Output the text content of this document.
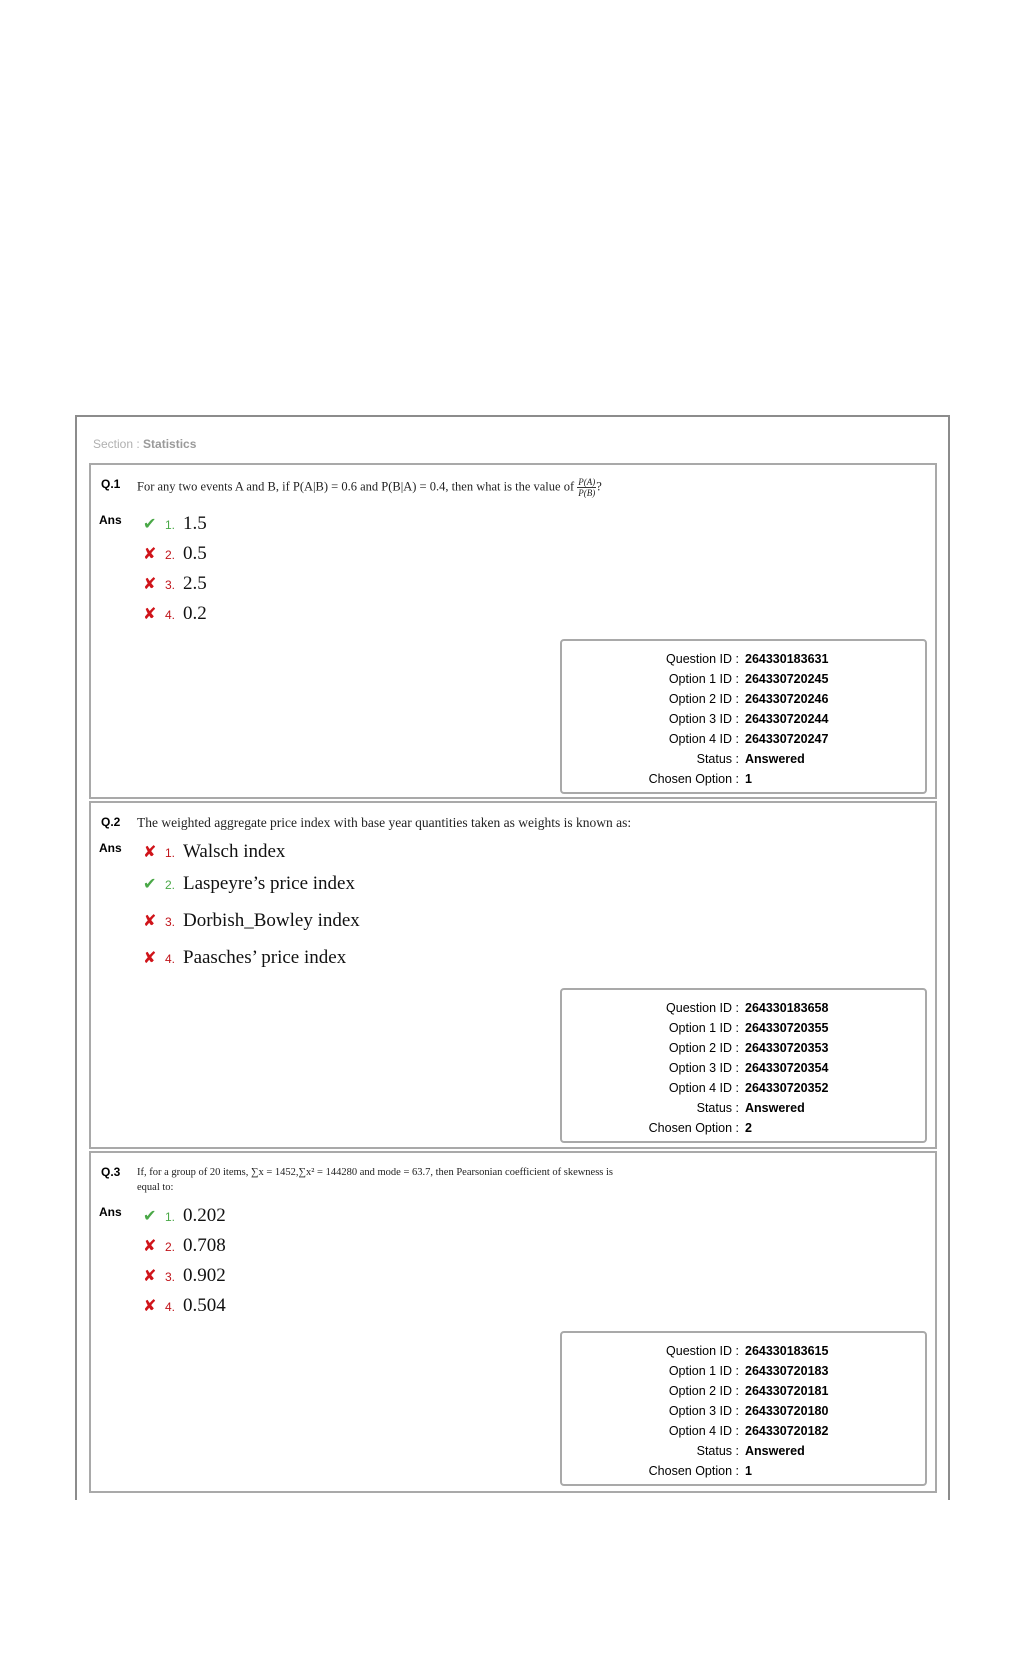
Section : Statistics
Q.1 For any two events A and B, if P(A|B) = 0.6 and P(B|A) = 0.4, then what is the value of $\frac{P(A)}{P(B)}$ ?
Ans ✔ 1. 1.5
✘ 2. 0.5
✘ 3. 2.5
✘ 4. 0.2
Question ID : 264330183631
Option 1 ID : 264330720245
Option 2 ID : 264330720246
Option 3 ID : 264330720244
Option 4 ID : 264330720247
Status : Answered
Chosen Option : 1
Q.2 The weighted aggregate price index with base year quantities taken as weights is known as:
Ans ✘ 1. Walsch index
✔ 2. Laspeyre’s price index
✘ 3. Dorbish_Bowley index
✘ 4. Paasches’ price index
Question ID : 264330183658
Option 1 ID : 264330720355
Option 2 ID : 264330720353
Option 3 ID : 264330720354
Option 4 ID : 264330720352
Status : Answered
Chosen Option : 2
Q.3 If, for a group of 20 items, ∑x = 1452,∑x² = 144280 and mode = 63.7, then Pearsonian coefficient of skewness is
equal to:
Ans ✔ 1. 0.202
✘ 2. 0.708
✘ 3. 0.902
✘ 4. 0.504
Question ID : 264330183615
Option 1 ID : 264330720183
Option 2 ID : 264330720181
Option 3 ID : 264330720180
Option 4 ID : 264330720182
Status : Answered
Chosen Option : 1
